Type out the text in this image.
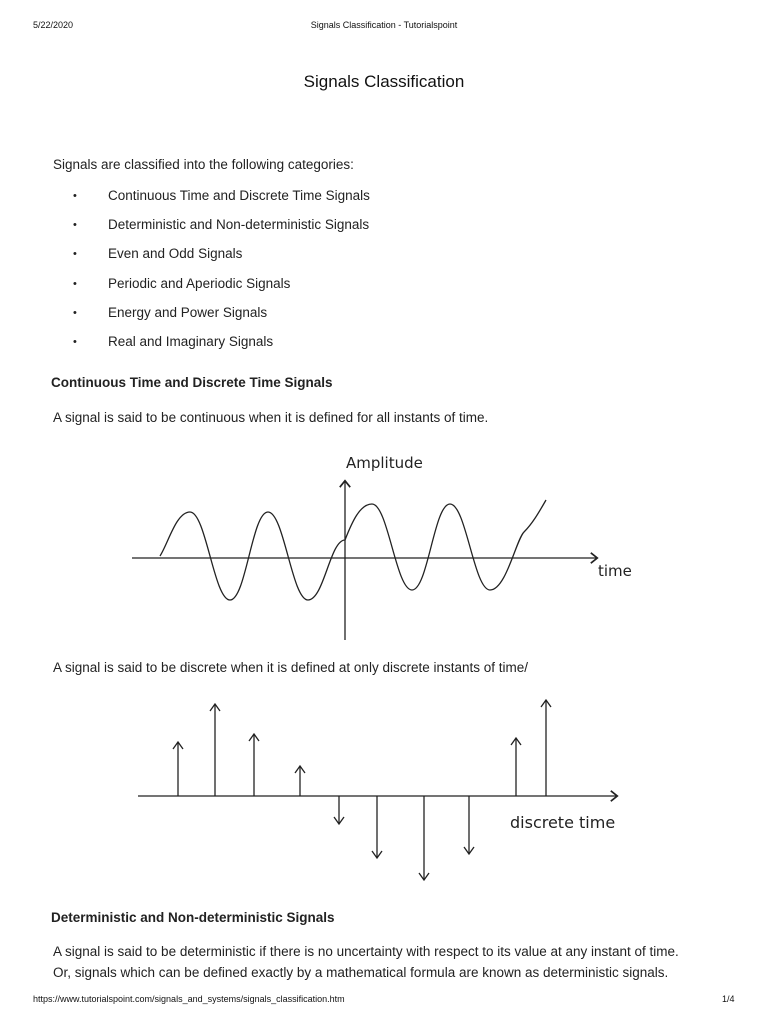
5/22/2020	Signals Classification - Tutorialspoint
Signals Classification
Signals are classified into the following categories:
• Continuous Time and Discrete Time Signals
• Deterministic and Non-deterministic Signals
• Even and Odd Signals
• Periodic and Aperiodic Signals
• Energy and Power Signals
• Real and Imaginary Signals
Continuous Time and Discrete Time Signals
A signal is said to be continuous when it is defined for all instants of time.
Amplitude
time
A signal is said to be discrete when it is defined at only discrete instants of time/
discrete time
Deterministic and Non-deterministic Signals
A signal is said to be deterministic if there is no uncertainty with respect to its value at any instant of time.
Or, signals which can be defined exactly by a mathematical formula are known as deterministic signals.
https://www.tutorialspoint.com/signals_and_systems/signals_classification.htm	1/4
